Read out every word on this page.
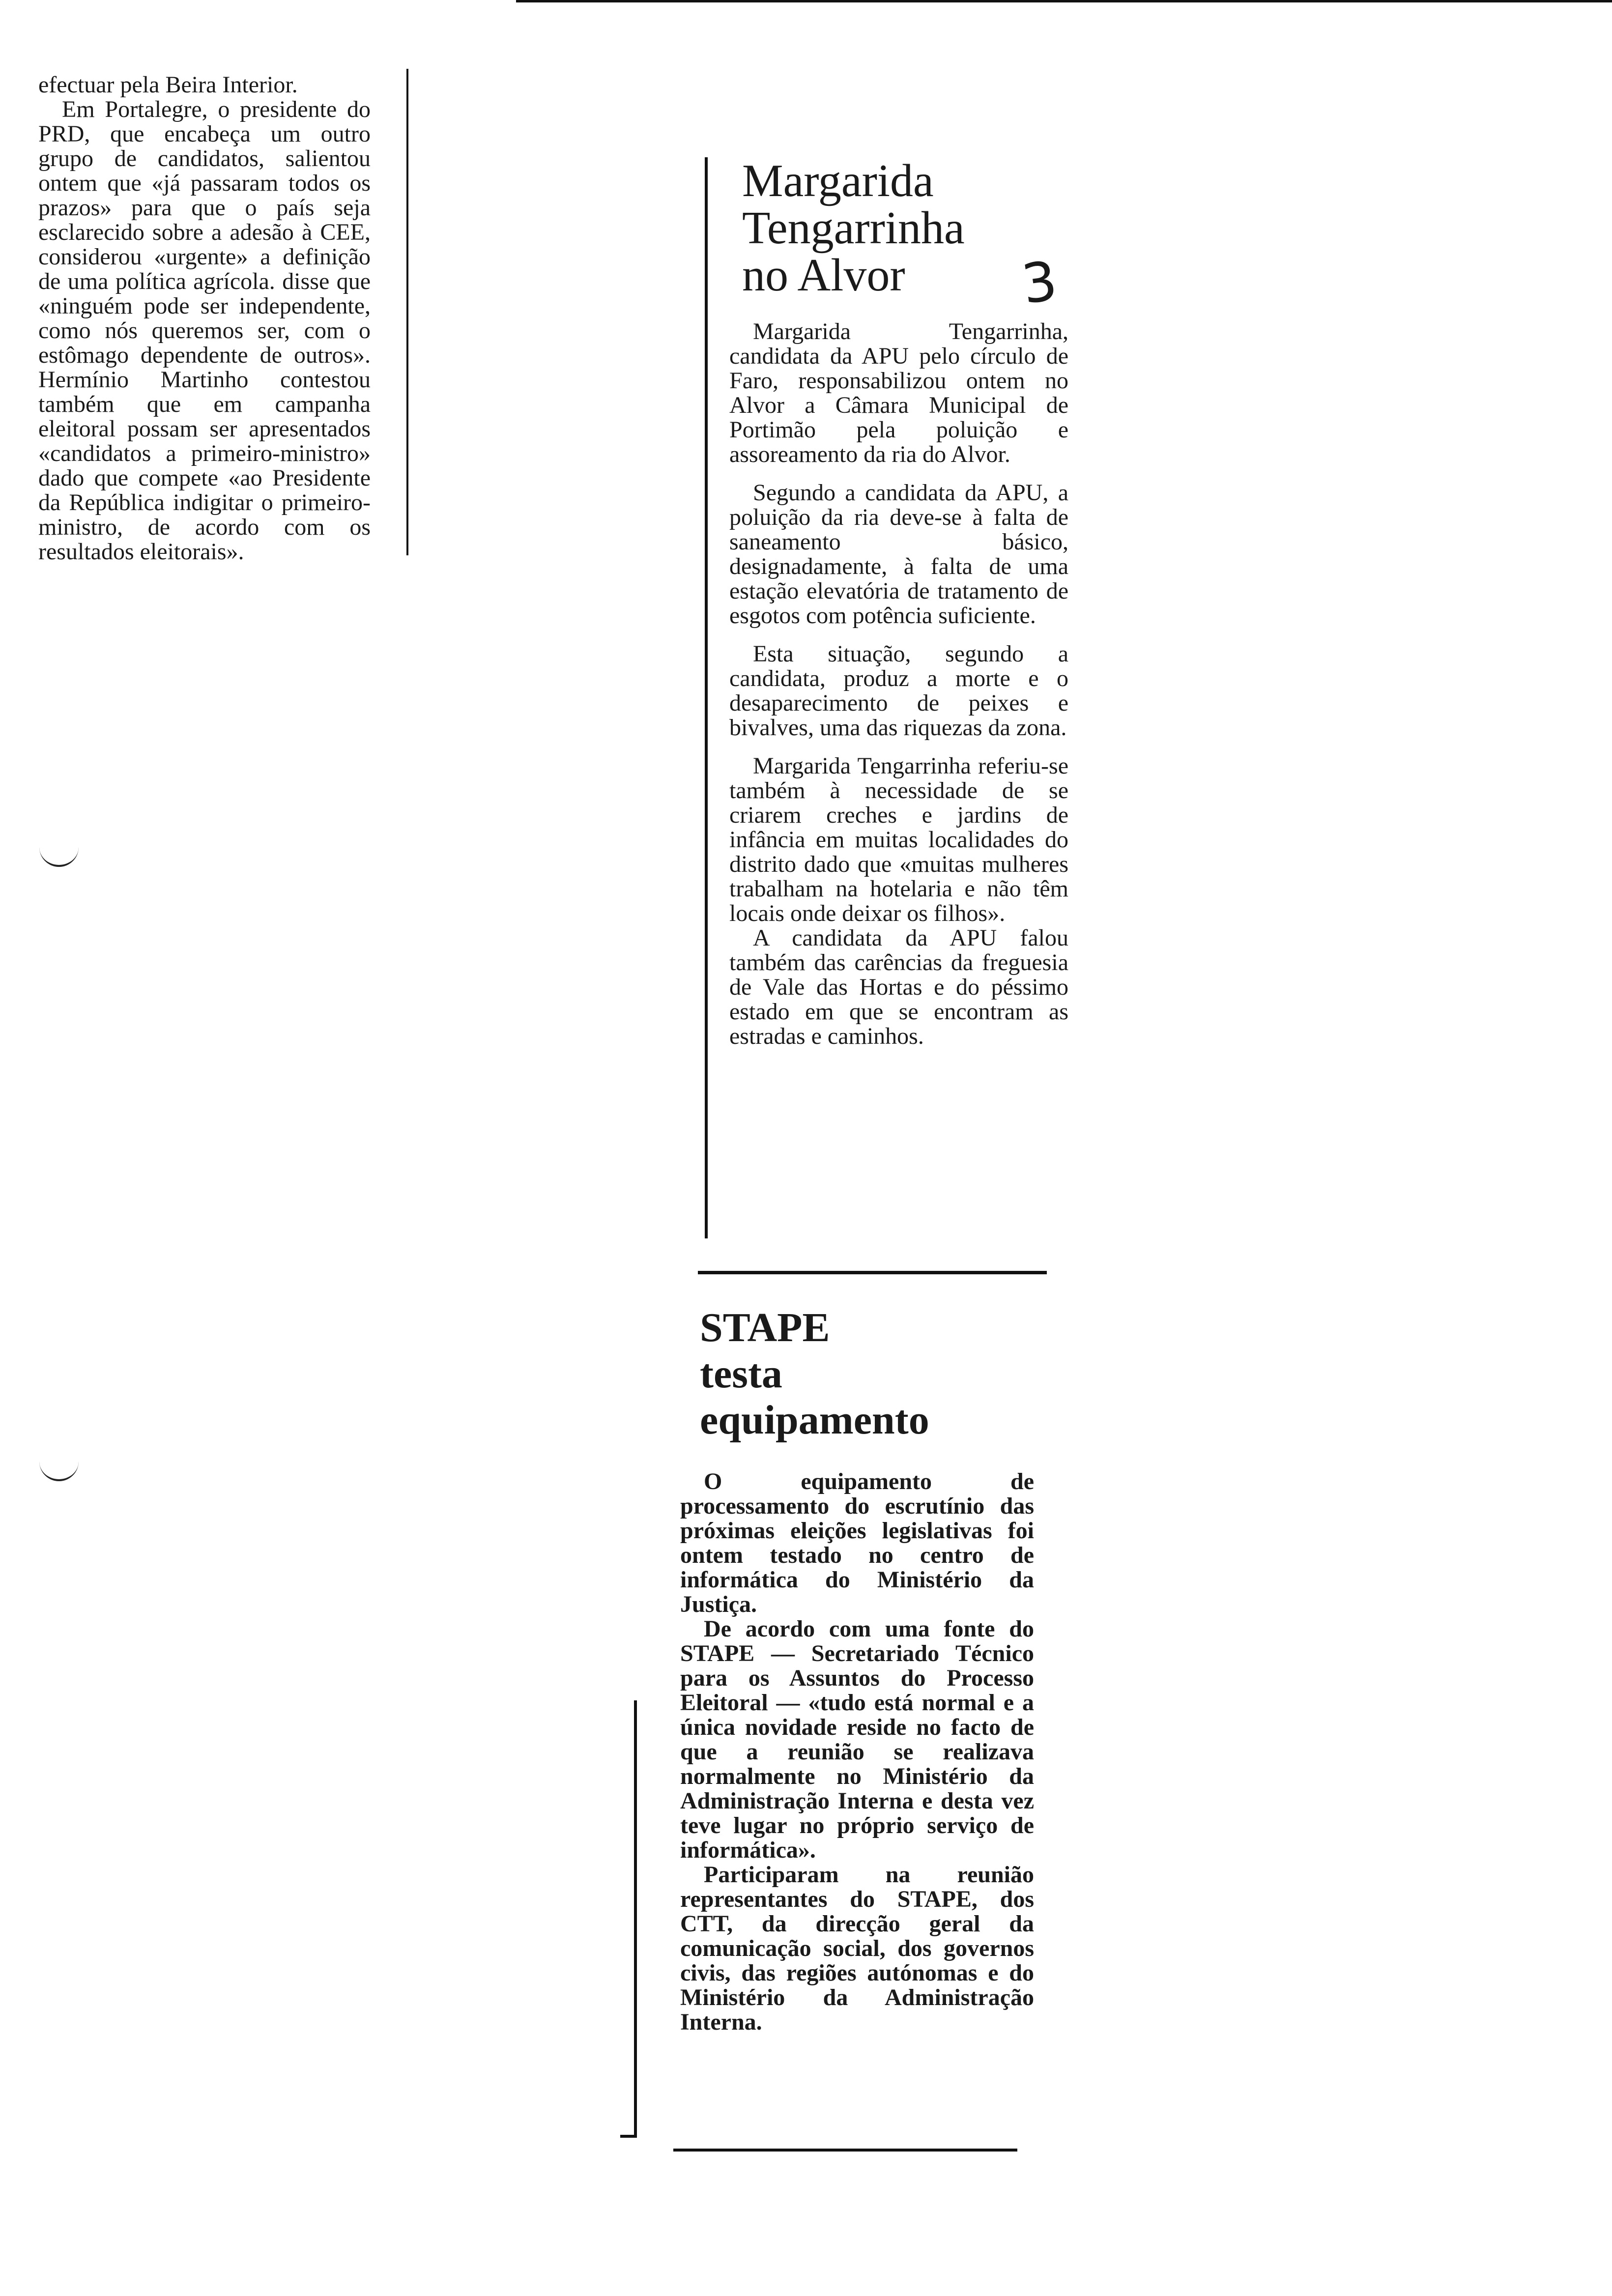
efectuar pela Beira Interior.

Em Portalegre, o presidente do PRD, que encabeça um outro grupo de candidatos, salientou ontem que «já passaram todos os prazos» para que o país seja esclarecido sobre a adesão à CEE, considerou «urgente» a definição de uma política agrícola. disse que «ninguém pode ser independente, como nós queremos ser, com o estômago dependente de outros». Hermínio Martinho contestou também que em campanha eleitoral possam ser apresentados «candidatos a primeiro-ministro» dado que compete «ao Presidente da República indigitar o primeiro-ministro, de acordo com os resultados eleitorais».

Margarida
Tengarrinha
no Alvor	3

Margarida Tengarrinha, candidata da APU pelo círculo de Faro, responsabilizou ontem no Alvor a Câmara Municipal de Portimão pela poluição e assoreamento da ria do Alvor.

Segundo a candidata da APU, a poluição da ria deve-se à falta de saneamento básico, designadamente, à falta de uma estação elevatória de tratamento de esgotos com potência suficiente.

Esta situação, segundo a candidata, produz a morte e o desaparecimento de peixes e bivalves, uma das riquezas da zona.

Margarida Tengarrinha referiu-se também à necessidade de se criarem creches e jardins de infância em muitas localidades do distrito dado que «muitas mulheres trabalham na hotelaria e não têm locais onde deixar os filhos».

A candidata da APU falou também das carências da freguesia de Vale das Hortas e do péssimo estado em que se encontram as estradas e caminhos.

STAPE
testa
equipamento

O equipamento de processamento do escrutínio das próximas eleições legislativas foi ontem testado no centro de informática do Ministério da Justiça.

De acordo com uma fonte do STAPE — Secretariado Técnico para os Assuntos do Processo Eleitoral — «tudo está normal e a única novidade reside no facto de que a reunião se realizava normalmente no Ministério da Administração Interna e desta vez teve lugar no próprio serviço de informática».

Participaram na reunião representantes do STAPE, dos CTT, da direcção geral da comunicação social, dos governos civis, das regiões autónomas e do Ministério da Administração Interna.
